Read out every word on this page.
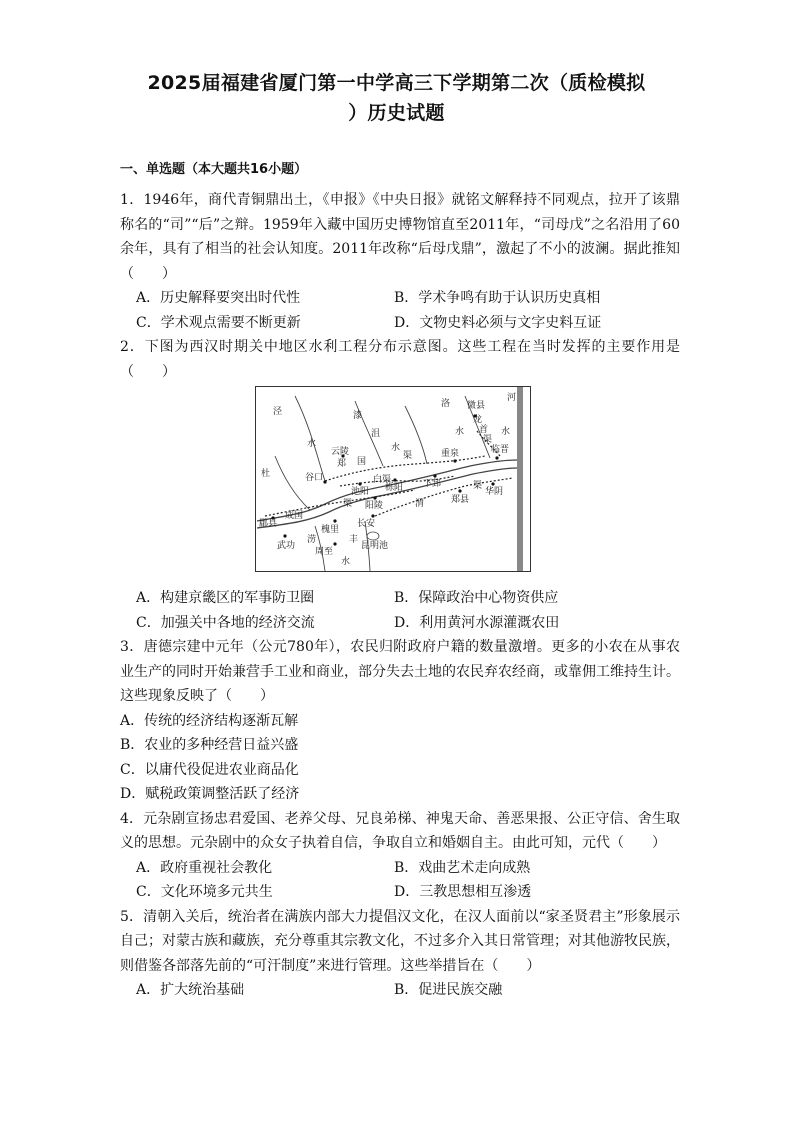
2025届福建省厦门第一中学高三下学期第二次（质检模拟
）历史试题
一、单选题（本大题共16小题）

1．1946年，商代青铜鼎出土，《申报》《中央日报》就铭文解释持不同观点，拉开了该鼎称名的“司”“后”之辩。1959年入藏中国历史博物馆直至2011年，“司母戊”之名沿用了60余年，具有了相当的社会认知度。2011年改称“后母戊鼎”，激起了不小的波澜。据此推知（　　）

A．历史解释要突出时代性	B．学术争鸣有助于认识历史真相
C．学术观点需要不断更新	D．文物史料必须与文字史料互证

2．下图为西汉时期关中地区水利工程分布示意图。这些工程在当时发挥的主要作用是（　　）

泾	漆
沮
水	水
水	水
洛
河
微县
龙
首
渠
临晋
云陵
郑 国
渠	重泉
谷口
池阳 栎阳 下邽
杜
白渠
阳陵
郑县
华阴
渠
渭
郿县
成国
渠
长安
槐里
武功
涝
周至
丰
昆明池
水
A．构建京畿区的军事防卫圈	B．保障政治中心物资供应
C．加强关中各地的经济交流	D．利用黄河水源灌溉农田

3．唐德宗建中元年（公元780年），农民归附政府户籍的数量激增。更多的小农在从事农业生产的同时开始兼营手工业和商业，部分失去土地的农民弃农经商，或靠佣工维持生计。这些现象反映了（　　）

A．传统的经济结构逐渐瓦解
B．农业的多种经营日益兴盛
C．以庸代役促进农业商品化
D．赋税政策调整活跃了经济

4．元杂剧宣扬忠君爱国、老养父母、兄良弟梯、神鬼天命、善恶果报、公正守信、舍生取义的思想。元杂剧中的众女子执着自信，争取自立和婚姻自主。由此可知，元代（　　）

A．政府重视社会教化	B．戏曲艺术走向成熟
C．文化环境多元共生	D．三教思想相互渗透

5．清朝入关后，统治者在满族内部大力提倡汉文化，在汉人面前以“家圣贤君主”形象展示自己；对蒙古族和藏族，充分尊重其宗教文化，不过多介入其日常管理；对其他游牧民族，则借鉴各部落先前的“可汗制度”来进行管理。这些举措旨在（　　）

A．扩大统治基础	B．促进民族交融
